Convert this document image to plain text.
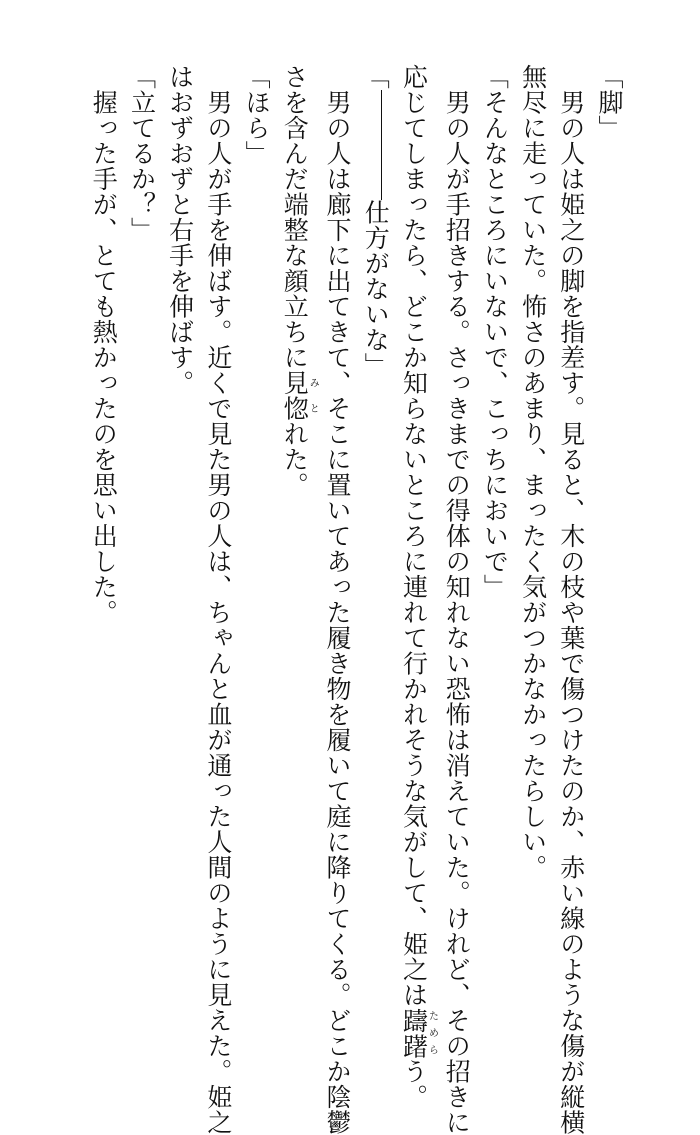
「脚」

　男の人は姫之の脚を指差す。見ると、木の枝や葉で傷つけたのか、赤い線のような傷が縦横

無尽に走っていた。怖さのあまり、まったく気がつかなかったらしい。

「そんなところにいないで、こっちにおいで」

　男の人が手招きする。さっきまでの得体の知れない恐怖は消えていた。けれど、その招きに

応じてしまったら、どこか知らないところに連れて行かれそうな気がして、姫之は躊躇ためらう。

「仕方がないな」

　男の人は廊下に出てきて、そこに置いてあった履き物を履いて庭に降りてくる。どこか陰鬱

さを含んだ端整な顔立ちに見惚みとれた。

「ほら」

　男の人が手を伸ばす。近くで見た男の人は、ちゃんと血が通った人間のように見えた。姫之

はおずおずと右手を伸ばす。

「立てるか？」

　握った手が、とても熱かったのを思い出した。
